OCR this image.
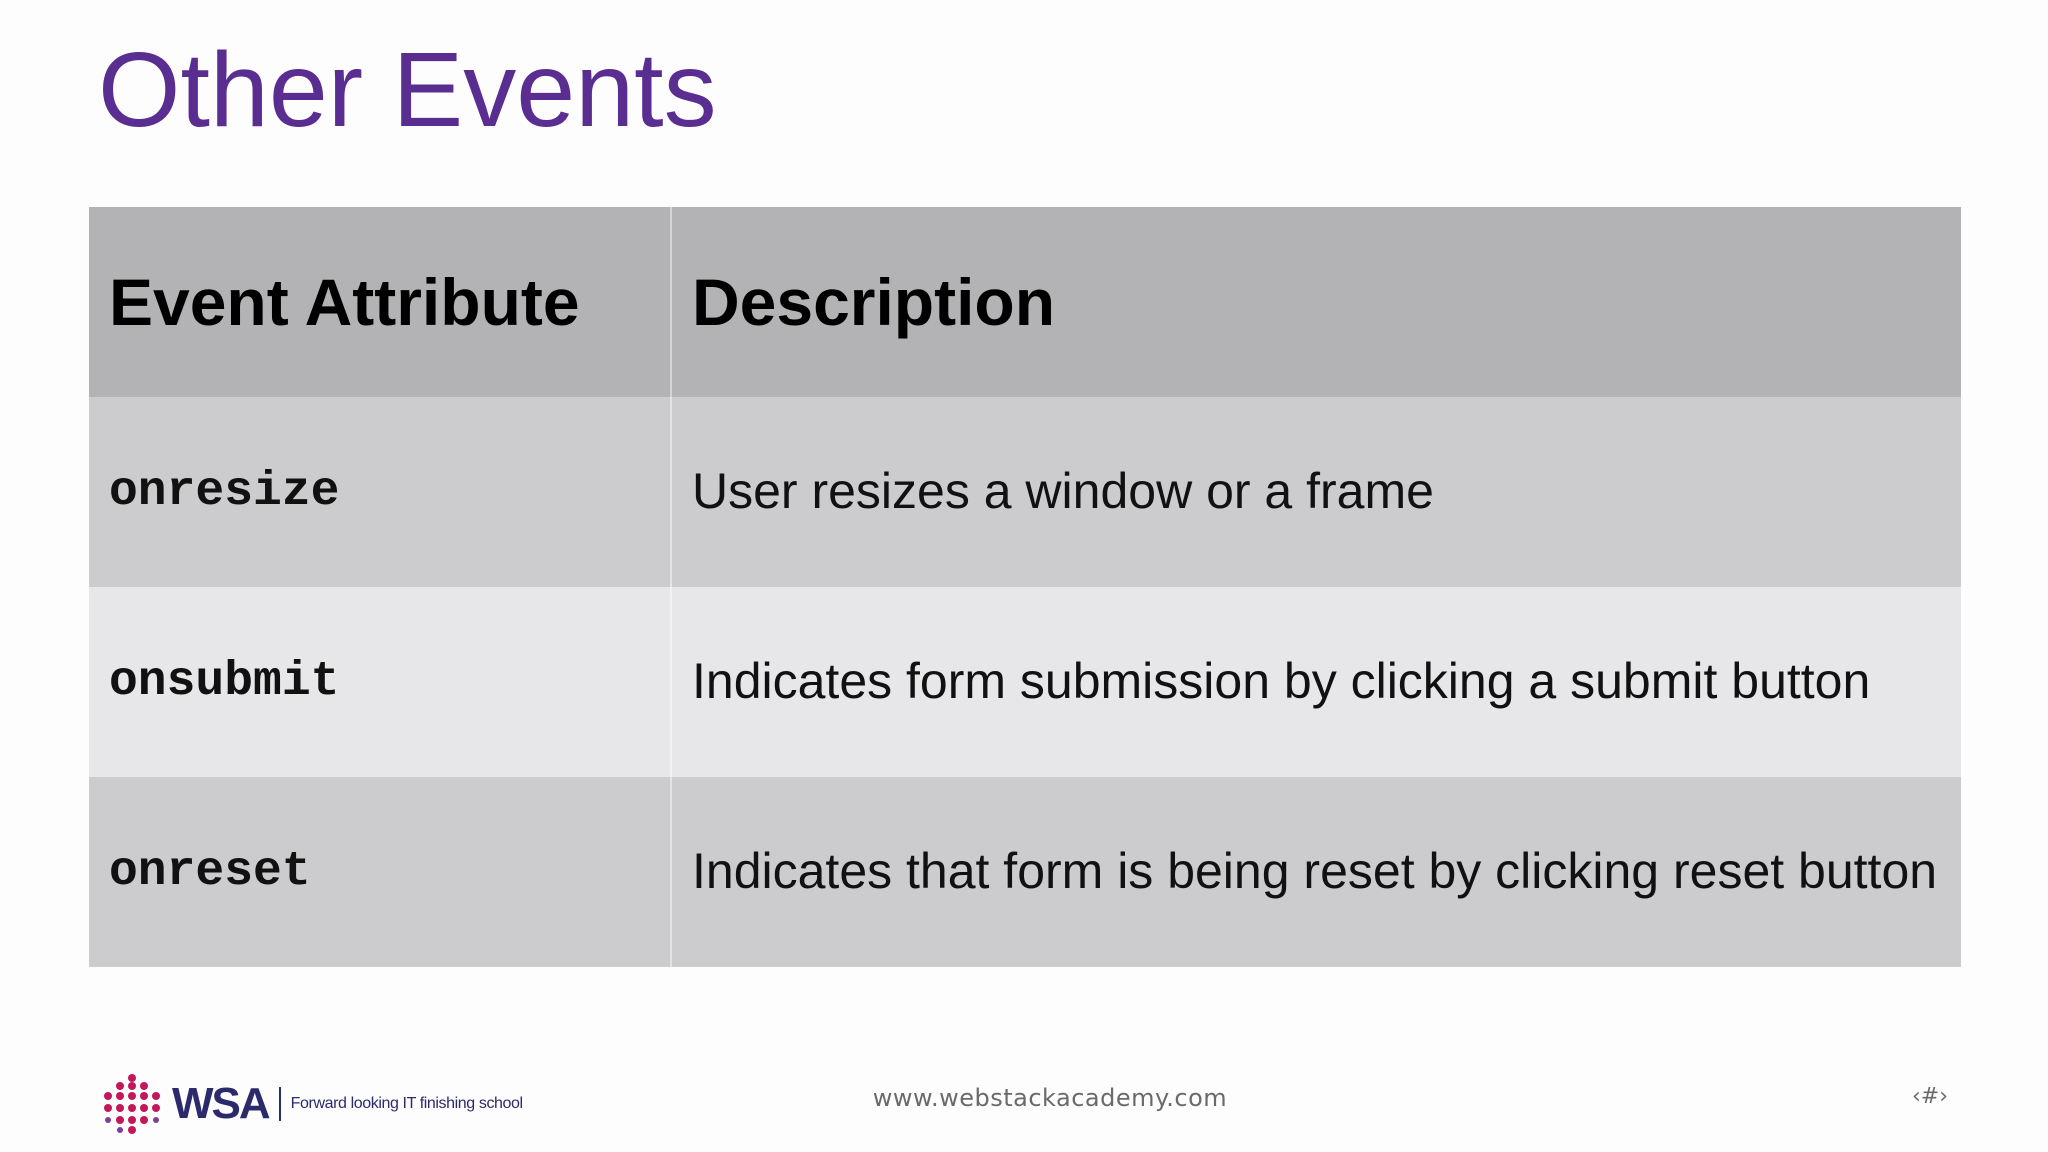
Other Events
Event Attribute	Description
onresize	User resizes a window or a frame
onsubmit	Indicates form submission by clicking a submit button
onreset	Indicates that form is being reset by clicking reset button
WSA Forward looking IT finishing school	www.webstackacademy.com	‹#›
